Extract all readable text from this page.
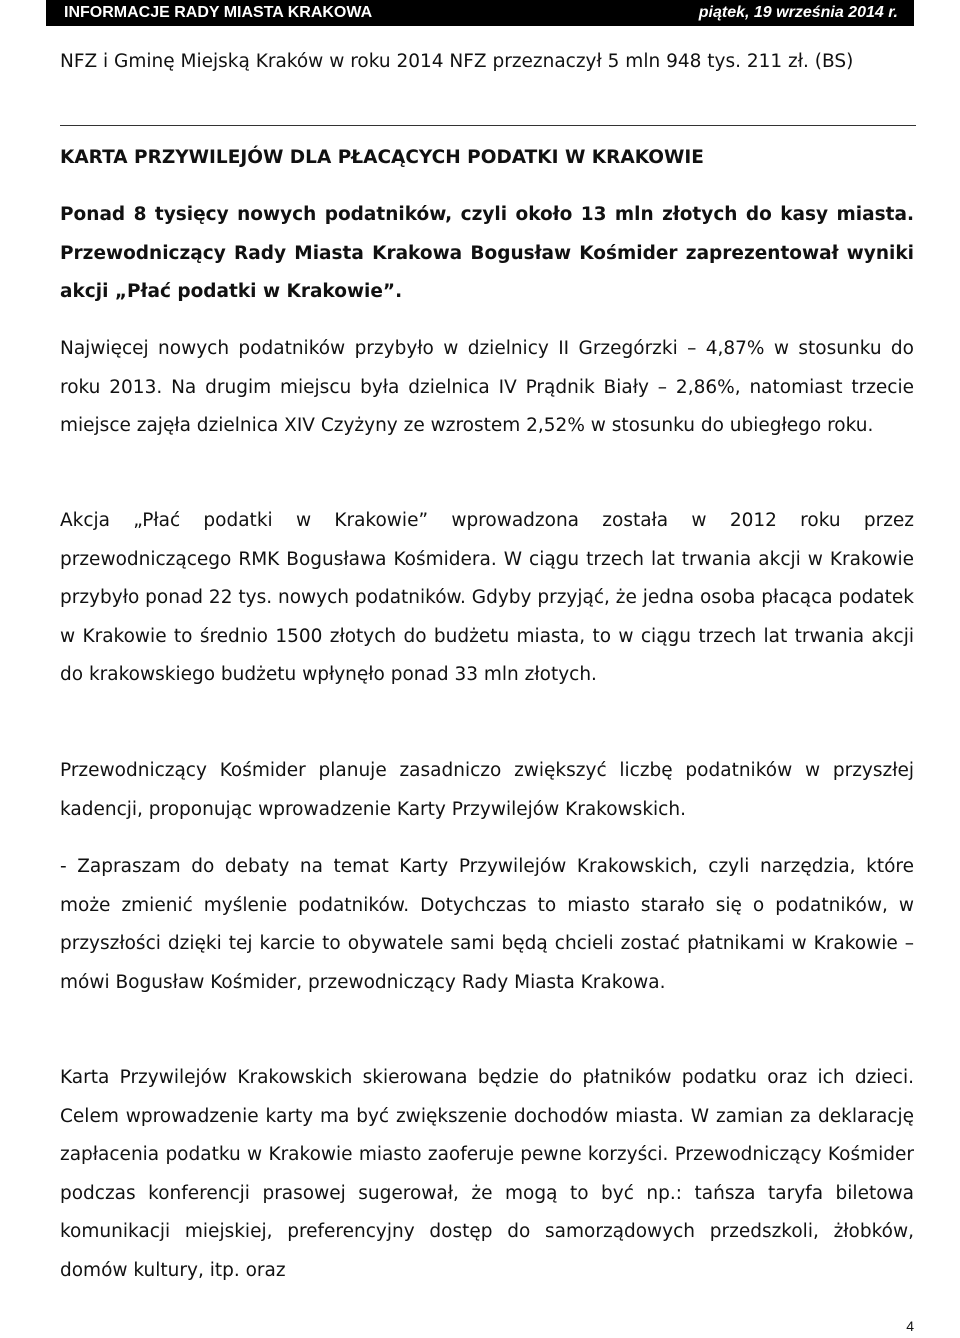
INFORMACJE RADY MIASTA KRAKOWA	piątek, 19 września 2014 r.

NFZ i Gminę Miejską Kraków w roku 2014 NFZ przeznaczył 5 mln 948 tys. 211 zł. (BS)

KARTA PRZYWILEJÓW DLA PŁACĄCYCH PODATKI W KRAKOWIE

Ponad 8 tysięcy nowych podatników, czyli około 13 mln złotych do kasy miasta. Przewodniczący Rady Miasta Krakowa Bogusław Kośmider zaprezentował wyniki akcji „Płać podatki w Krakowie”.

Najwięcej nowych podatników przybyło w dzielnicy II Grzegórzki – 4,87% w stosunku do roku 2013. Na drugim miejscu była dzielnica IV Prądnik Biały – 2,86%, natomiast trzecie miejsce zajęła dzielnica XIV Czyżyny ze wzrostem 2,52% w stosunku do ubiegłego roku.

Akcja „Płać podatki w Krakowie” wprowadzona została w 2012 roku przez przewodniczącego RMK Bogusława Kośmidera. W ciągu trzech lat trwania akcji w Krakowie przybyło ponad 22 tys. nowych podatników. Gdyby przyjąć, że jedna osoba płacąca podatek w Krakowie to średnio 1500 złotych do budżetu miasta, to w ciągu trzech lat trwania akcji do krakowskiego budżetu wpłynęło ponad 33 mln złotych.

Przewodniczący Kośmider planuje zasadniczo zwiększyć liczbę podatników w przyszłej kadencji, proponując wprowadzenie Karty Przywilejów Krakowskich.

- Zapraszam do debaty na temat Karty Przywilejów Krakowskich, czyli narzędzia, które może zmienić myślenie podatników. Dotychczas to miasto starało się o podatników, w przyszłości dzięki tej karcie to obywatele sami będą chcieli zostać płatnikami w Krakowie – mówi Bogusław Kośmider, przewodniczący Rady Miasta Krakowa.

Karta Przywilejów Krakowskich skierowana będzie do płatników podatku oraz ich dzieci. Celem wprowadzenie karty ma być zwiększenie dochodów miasta. W zamian za deklarację zapłacenia podatku w Krakowie miasto zaoferuje pewne korzyści. Przewodniczący Kośmider podczas konferencji prasowej sugerował, że mogą to być np.: tańsza taryfa biletowa komunikacji miejskiej, preferencyjny dostęp do samorządowych przedszkoli, żłobków, domów kultury, itp. oraz

4
